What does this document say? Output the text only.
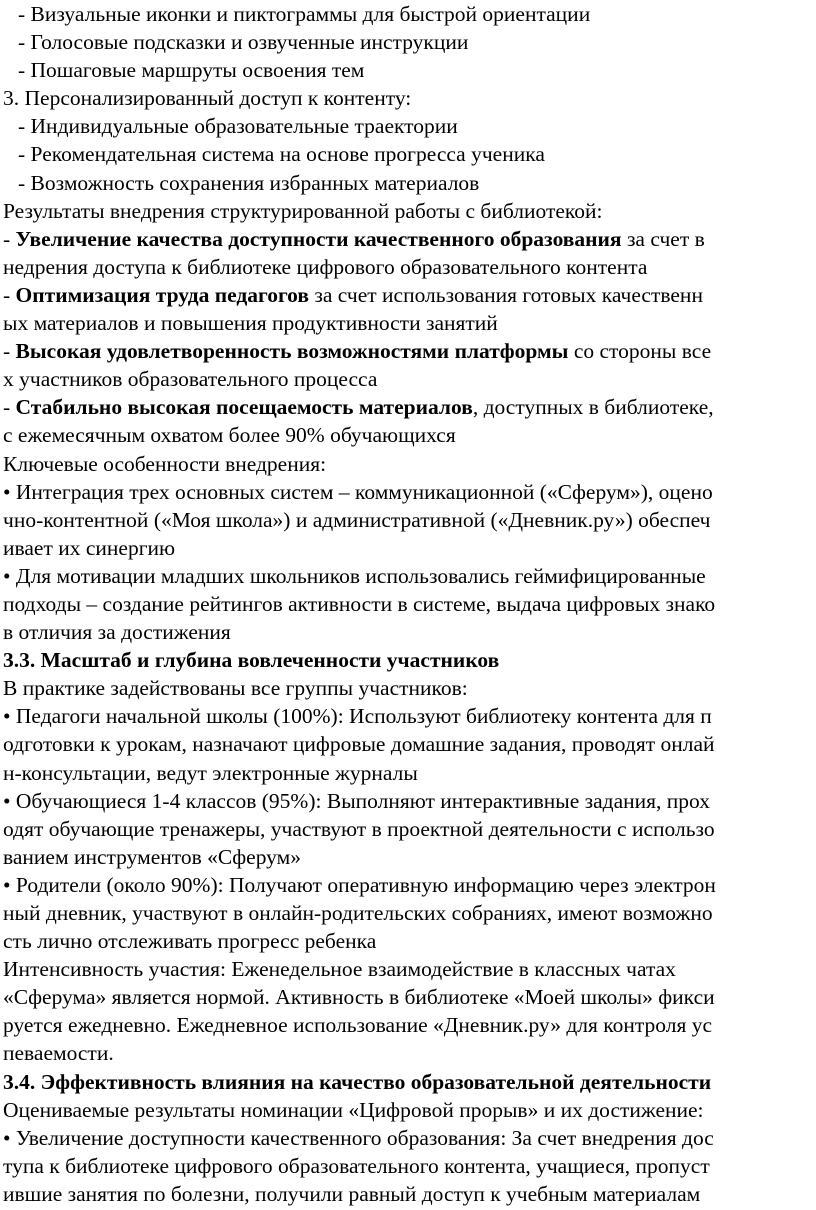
- Визуальные иконки и пиктограммы для быстрой ориентации
- Голосовые подсказки и озвученные инструкции
- Пошаговые маршруты освоения тем
3. Персонализированный доступ к контенту:
- Индивидуальные образовательные траектории
- Рекомендательная система на основе прогресса ученика
- Возможность сохранения избранных материалов
Результаты внедрения структурированной работы с библиотекой:
- Увеличение качества доступности качественного образования за счет в
недрения доступа к библиотеке цифрового образовательного контента
- Оптимизация труда педагогов за счет использования готовых качественн
ых материалов и повышения продуктивности занятий
- Высокая удовлетворенность возможностями платформы со стороны все
х участников образовательного процесса
- Стабильно высокая посещаемость материалов, доступных в библиотеке,
с ежемесячным охватом более 90% обучающихся
Ключевые особенности внедрения:
• Интеграция трех основных систем – коммуникационной («Сферум»), оцено
чно-контентной («Моя школа») и административной («Дневник.ру») обеспеч
ивает их синергию
• Для мотивации младших школьников использовались геймифицированные
подходы – создание рейтингов активности в системе, выдача цифровых знако
в отличия за достижения
3.3. Масштаб и глубина вовлеченности участников
В практике задействованы все группы участников:
• Педагоги начальной школы (100%): Используют библиотеку контента для п
одготовки к урокам, назначают цифровые домашние задания, проводят онлай
н-консультации, ведут электронные журналы
• Обучающиеся 1-4 классов (95%): Выполняют интерактивные задания, прох
одят обучающие тренажеры, участвуют в проектной деятельности с использо
ванием инструментов «Сферум»
• Родители (около 90%): Получают оперативную информацию через электрон
ный дневник, участвуют в онлайн-родительских собраниях, имеют возможно
сть лично отслеживать прогресс ребенка
Интенсивность участия: Еженедельное взаимодействие в классных чатах
«Сферума» является нормой. Активность в библиотеке «Моей школы» фикси
руется ежедневно. Ежедневное использование «Дневник.ру» для контроля ус
певаемости.
3.4. Эффективность влияния на качество образовательной деятельности
Оцениваемые результаты номинации «Цифровой прорыв» и их достижение:
• Увеличение доступности качественного образования: За счет внедрения дос
тупа к библиотеке цифрового образовательного контента, учащиеся, пропуст
ившие занятия по болезни, получили равный доступ к учебным материалам
